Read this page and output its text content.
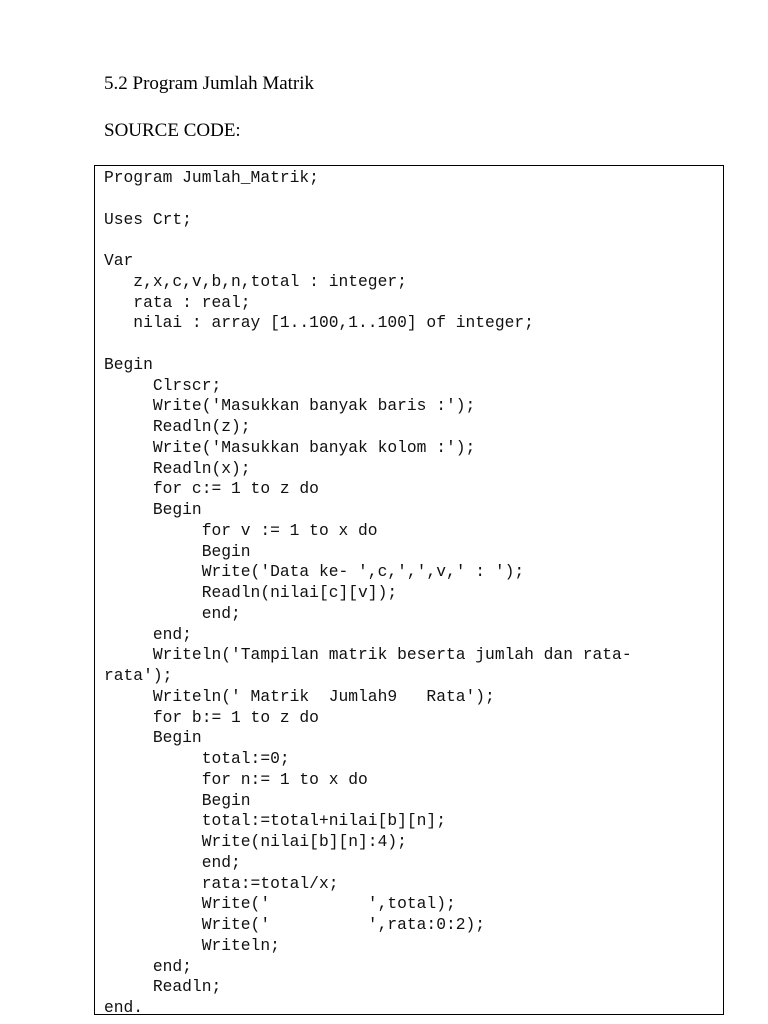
5.2 Program Jumlah Matrik
SOURCE CODE:
Program Jumlah_Matrik;
Uses Crt;
Var
z,x,c,v,b,n,total : integer;
rata : real;
nilai : array [1..100,1..100] of integer;
Begin
Clrscr;
Write('Masukkan banyak baris :');
Readln(z);
Write('Masukkan banyak kolom :');
Readln(x);
for c:= 1 to z do
Begin
for v := 1 to x do
Begin
Write('Data ke- ',c,',',v,' : ');
Readln(nilai[c][v]);
end;
end;
Writeln('Tampilan matrik beserta jumlah dan rata-
rata');
Writeln(' Matrik  Jumlah9   Rata');
for b:= 1 to z do
Begin
total:=0;
for n:= 1 to x do
Begin
total:=total+nilai[b][n];
Write(nilai[b][n]:4);
end;
rata:=total/x;
Write('          ',total);
Write('          ',rata:0:2);
Writeln;
end;
Readln;
end.
